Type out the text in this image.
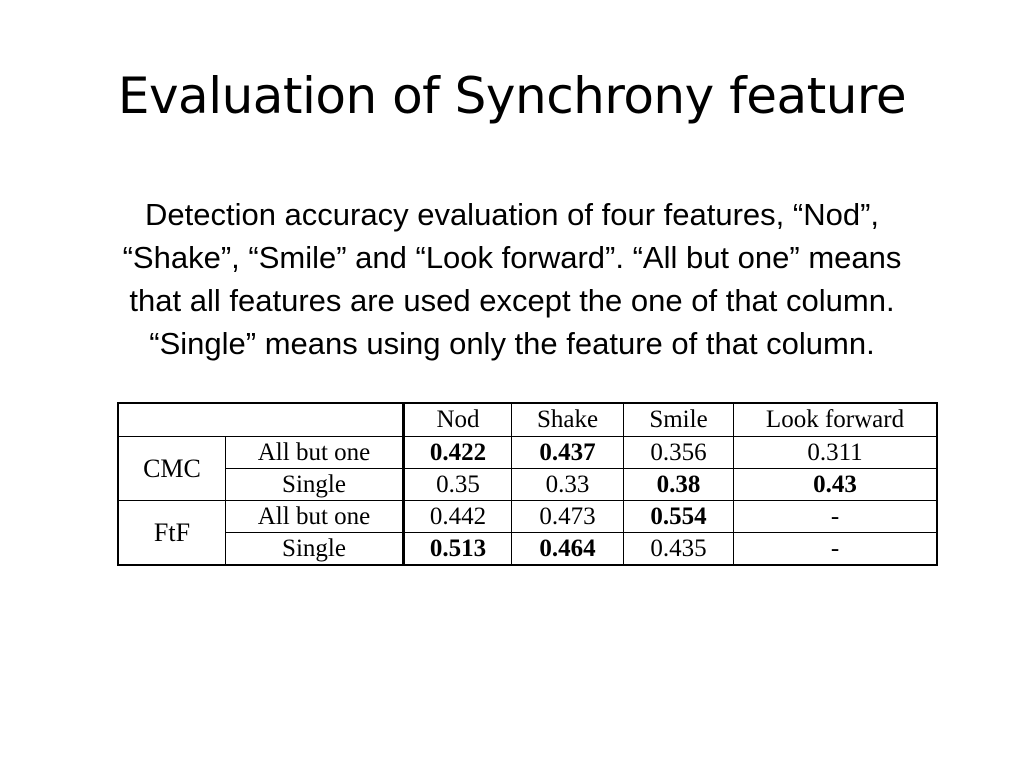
Evaluation of Synchrony feature
Detection accuracy evaluation of four features, “Nod”,
“Shake”, “Smile” and “Look forward”. “All but one” means
that all features are used except the one of that column.
“Single” means using only the feature of that column.
		Nod	Shake	Smile	Look forward
CMC	All but one	0.422	0.437	0.356	0.311
	Single	0.35	0.33	0.38	0.43
FtF	All but one	0.442	0.473	0.554	-
	Single	0.513	0.464	0.435	-
